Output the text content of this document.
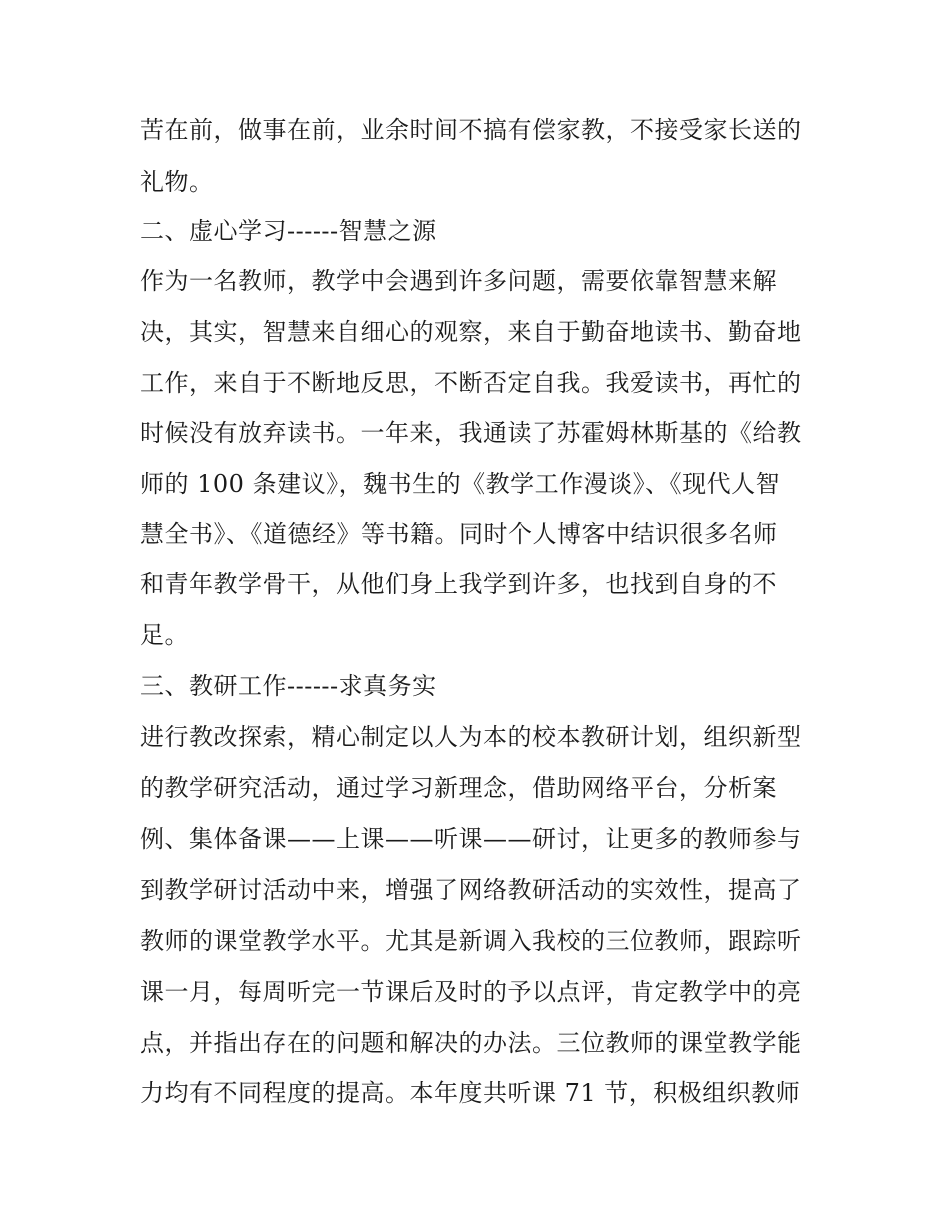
苦在前，做事在前，业余时间不搞有偿家教，不接受家长送的

礼物。

二、虚心学习------智慧之源

作为一名教师，教学中会遇到许多问题，需要依靠智慧来解

决，其实，智慧来自细心的观察，来自于勤奋地读书、勤奋地

工作，来自于不断地反思，不断否定自我。我爱读书，再忙的

时候没有放弃读书。一年来，我通读了苏霍姆林斯基的《给教

师的 100 条建议》，魏书生的《教学工作漫谈》、《现代人智

慧全书》、《道德经》等书籍。同时个人博客中结识很多名师

和青年教学骨干，从他们身上我学到许多，也找到自身的不

足。

三、教研工作------求真务实

进行教改探索，精心制定以人为本的校本教研计划，组织新型

的教学研究活动，通过学习新理念，借助网络平台，分析案

例、集体备课——上课——听课——研讨，让更多的教师参与

到教学研讨活动中来，增强了网络教研活动的实效性，提高了

教师的课堂教学水平。尤其是新调入我校的三位教师，跟踪听

课一月，每周听完一节课后及时的予以点评，肯定教学中的亮

点，并指出存在的问题和解决的办法。三位教师的课堂教学能

力均有不同程度的提高。本年度共听课 71 节，积极组织教师
